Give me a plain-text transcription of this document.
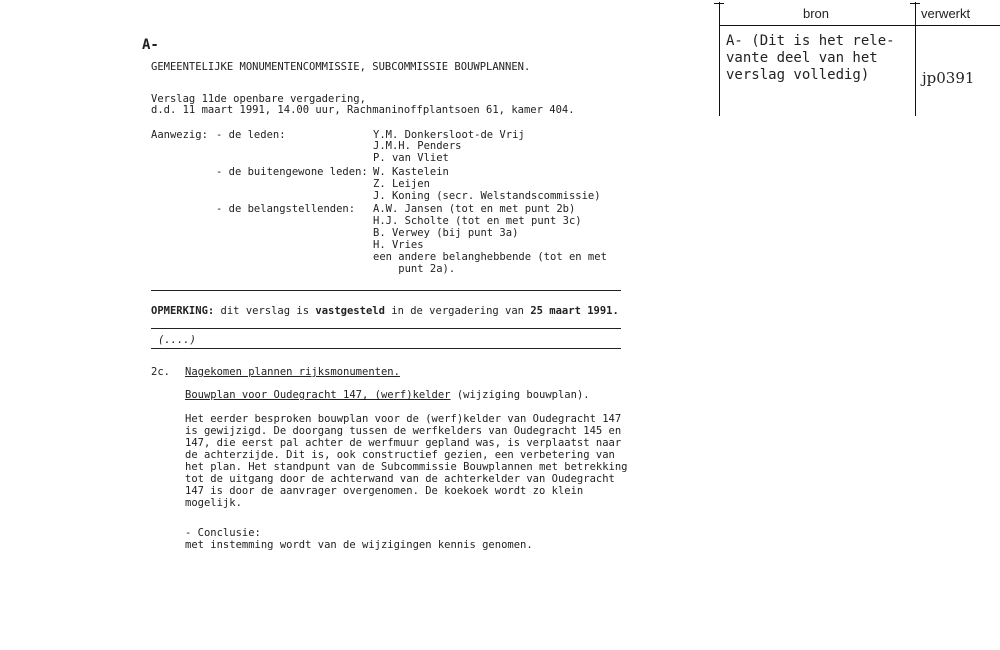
bron	verwerkt
A- (Dit is het rele-
vante deel van het
verslag volledig)	jp0391
A-
GEMEENTELIJKE MONUMENTENCOMMISSIE, SUBCOMMISSIE BOUWPLANNEN.
Verslag 11de openbare vergadering,
d.d. 11 maart 1991, 14.00 uur, Rachmaninoffplantsoen 61, kamer 404.
Aanwezig: - de leden:	Y.M. Donkersloot-de Vrij
J.M.H. Penders
P. van Vliet
- de buitengewone leden: W. Kastelein
Z. Leijen
J. Koning (secr. Welstandscommissie)
- de belangstellenden: A.W. Jansen (tot en met punt 2b)
H.J. Scholte (tot en met punt 3c)
B. Verwey (bij punt 3a)
H. Vries
een andere belanghebbende (tot en met
punt 2a).
OPMERKING: dit verslag is vastgesteld in de vergadering van 25 maart 1991.
(....)
2c. Nagekomen plannen rijksmonumenten.
Bouwplan voor Oudegracht 147, (werf)kelder (wijziging bouwplan).
Het eerder besproken bouwplan voor de (werf)kelder van Oudegracht 147
is gewijzigd. De doorgang tussen de werfkelders van Oudegracht 145 en
147, die eerst pal achter de werfmuur gepland was, is verplaatst naar
de achterzijde. Dit is, ook constructief gezien, een verbetering van
het plan. Het standpunt van de Subcommissie Bouwplannen met betrekking
tot de uitgang door de achterwand van de achterkelder van Oudegracht
147 is door de aanvrager overgenomen. De koekoek wordt zo klein
mogelijk.
- Conclusie:
met instemming wordt van de wijzigingen kennis genomen.
